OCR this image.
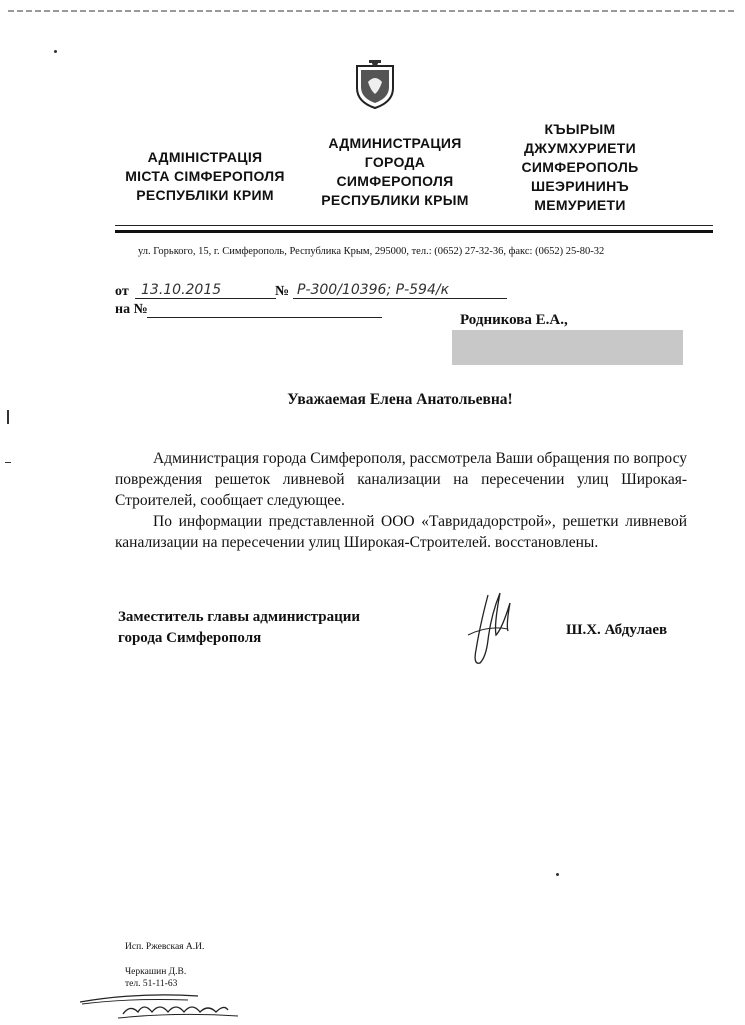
АДМІНІСТРАЦІЯ
МІСТА СІМФЕРОПОЛЯ
РЕСПУБЛІКИ КРИМ
АДМИНИСТРАЦИЯ
ГОРОДА
СИМФЕРОПОЛЯ
РЕСПУБЛИКИ КРЫМ
КЪЫРЫМ
ДЖУМХУРИЕТИ
СИМФЕРОПОЛЬ
ШЕЭРИНИНЪ
МЕМУРИЕТИ
ул. Горького, 15, г. Симферополь, Республика Крым, 295000, тел.: (0652) 27-32-36, факс: (0652) 25-80-32
от 13.10.2015	№ Р-300/10396; Р-594/к
на №
Родникова Е.А.,
Уважаемая Елена Анатольевна!
Администрация города Симферополя, рассмотрела Ваши обращения по вопросу повреждения решеток ливневой канализации на пересечении улиц Широкая-Строителей, сообщает следующее.
По информации представленной ООО «Тавридадорстрой», решетки ливневой канализации на пересечении улиц Широкая-Строителей. восстановлены.
Заместитель главы администрации
города Симферополя	Ш.Х. Абдулаев
Исп. Ржевская А.И.
Черкашин Д.В.
тел. 51-11-63
